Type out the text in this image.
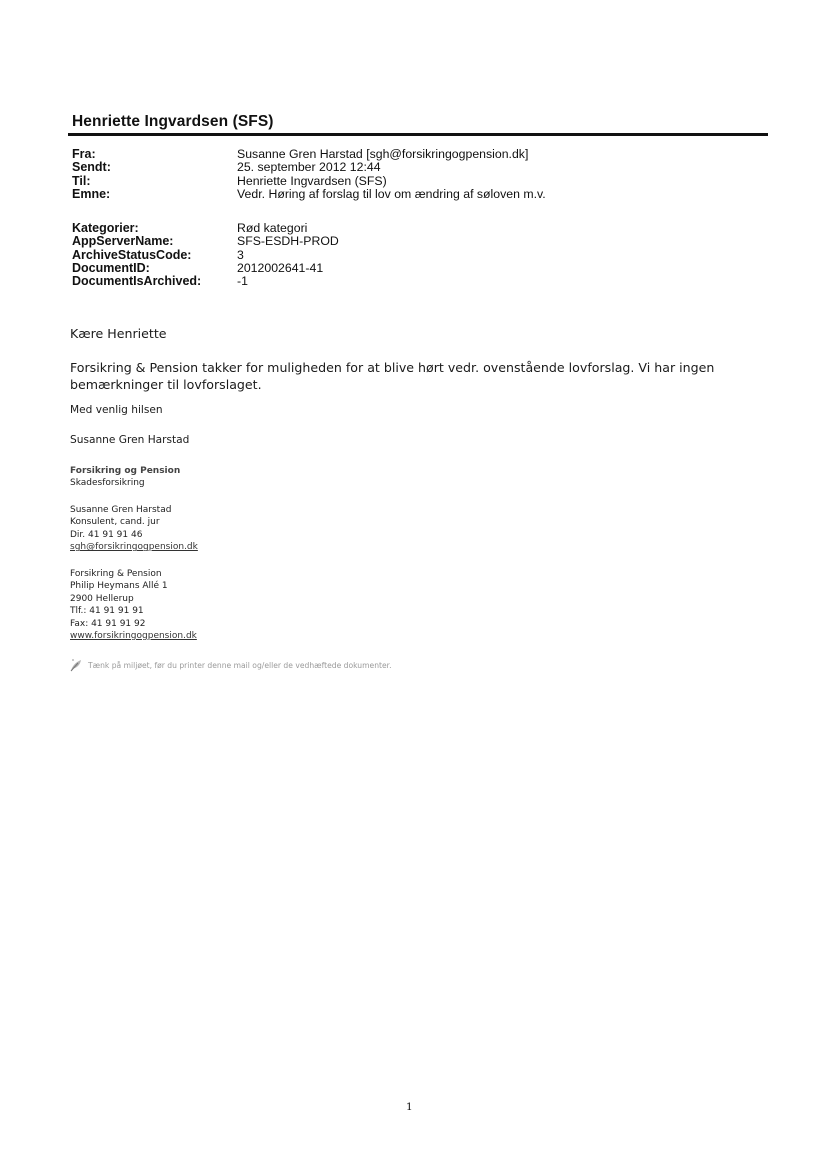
Henriette Ingvardsen (SFS)
Fra:	Susanne Gren Harstad [sgh@forsikringogpension.dk]
Sendt:	25. september 2012 12:44
Til:	Henriette Ingvardsen (SFS)
Emne:	Vedr. Høring af forslag til lov om ændring af søloven m.v.
Kategorier:	Rød kategori
AppServerName:	SFS-ESDH-PROD
ArchiveStatusCode:	3
DocumentID:	2012002641-41
DocumentIsArchived:	-1
Kære Henriette
Forsikring & Pension takker for muligheden for at blive hørt vedr. ovenstående lovforslag. Vi har ingen bemærkninger til lovforslaget.
Med venlig hilsen
Susanne Gren Harstad
Forsikring og Pension
Skadesforsikring
Susanne Gren Harstad
Konsulent, cand. jur
Dir. 41 91 91 46
sgh@forsikringogpension.dk
Forsikring & Pension
Philip Heymans Allé 1
2900 Hellerup
Tlf.: 41 91 91 91
Fax: 41 91 91 92
www.forsikringogpension.dk
Tænk på miljøet, før du printer denne mail og/eller de vedhæftede dokumenter.
1
